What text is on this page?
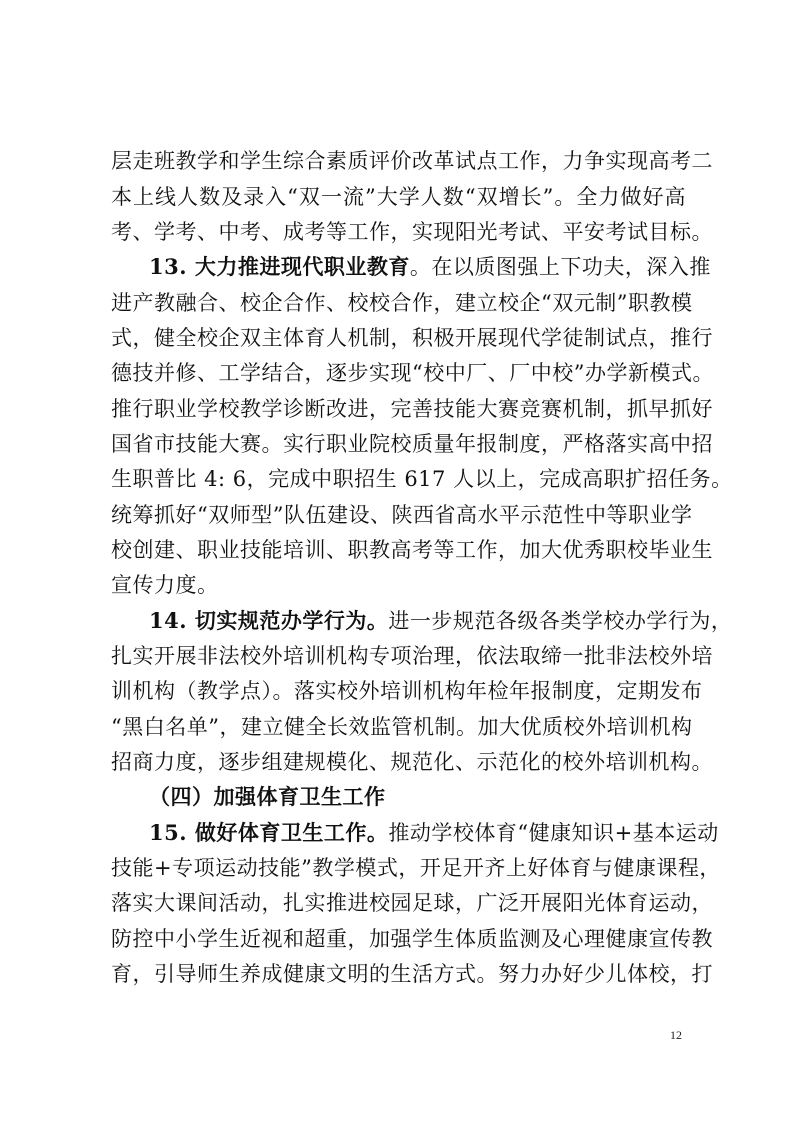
层走班教学和学生综合素质评价改革试点工作，力争实现高考二
本上线人数及录入“双一流”大学人数“双增长”。全力做好高
考、学考、中考、成考等工作，实现阳光考试、平安考试目标。
13. 大力推进现代职业教育。在以质图强上下功夫，深入推
进产教融合、校企合作、校校合作，建立校企“双元制”职教模
式，健全校企双主体育人机制，积极开展现代学徒制试点，推行
德技并修、工学结合，逐步实现“校中厂、厂中校”办学新模式。
推行职业学校教学诊断改进，完善技能大赛竞赛机制，抓早抓好
国省市技能大赛。实行职业院校质量年报制度，严格落实高中招
生职普比 4: 6，完成中职招生 617 人以上，完成高职扩招任务。
统筹抓好“双师型”队伍建设、陕西省高水平示范性中等职业学
校创建、职业技能培训、职教高考等工作，加大优秀职校毕业生
宣传力度。
14. 切实规范办学行为。进一步规范各级各类学校办学行为，
扎实开展非法校外培训机构专项治理，依法取缔一批非法校外培
训机构（教学点）。落实校外培训机构年检年报制度，定期发布
“黑白名单”，建立健全长效监管机制。加大优质校外培训机构
招商力度，逐步组建规模化、规范化、示范化的校外培训机构。
（四）加强体育卫生工作
15. 做好体育卫生工作。推动学校体育“健康知识+基本运动
技能+专项运动技能”教学模式，开足开齐上好体育与健康课程，
落实大课间活动，扎实推进校园足球，广泛开展阳光体育运动，
防控中小学生近视和超重，加强学生体质监测及心理健康宣传教
育，引导师生养成健康文明的生活方式。努力办好少儿体校，打
12
